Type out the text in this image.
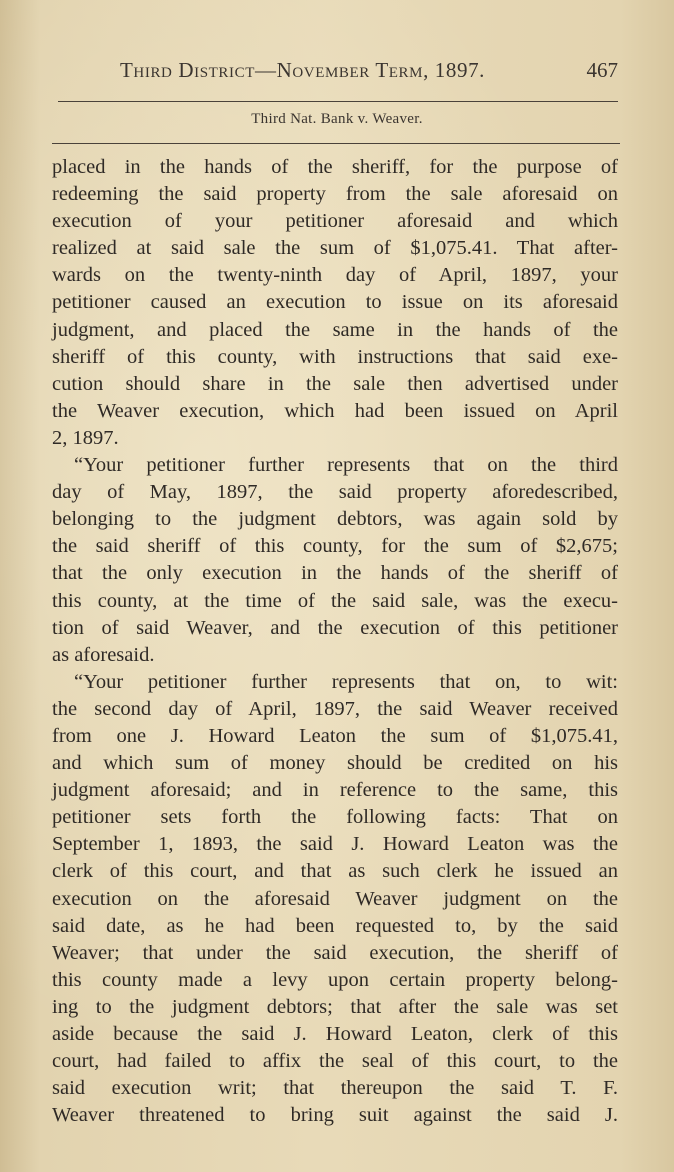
Third District—November Term, 1897.	467
Third Nat. Bank v. Weaver.
placed in the hands of the sheriff, for the purpose of
redeeming the said property from the sale aforesaid on
execution of your petitioner aforesaid and which
realized at said sale the sum of $1,075.41. That after-
wards on the twenty-ninth day of April, 1897, your
petitioner caused an execution to issue on its aforesaid
judgment, and placed the same in the hands of the
sheriff of this county, with instructions that said exe-
cution should share in the sale then advertised under
the Weaver execution, which had been issued on April
2, 1897.
“Your petitioner further represents that on the third
day of May, 1897, the said property aforedescribed,
belonging to the judgment debtors, was again sold by
the said sheriff of this county, for the sum of $2,675;
that the only execution in the hands of the sheriff of
this county, at the time of the said sale, was the execu-
tion of said Weaver, and the execution of this petitioner
as aforesaid.
“Your petitioner further represents that on, to wit:
the second day of April, 1897, the said Weaver received
from one J. Howard Leaton the sum of $1,075.41,
and which sum of money should be credited on his
judgment aforesaid; and in reference to the same, this
petitioner sets forth the following facts: That on
September 1, 1893, the said J. Howard Leaton was the
clerk of this court, and that as such clerk he issued an
execution on the aforesaid Weaver judgment on the
said date, as he had been requested to, by the said
Weaver; that under the said execution, the sheriff of
this county made a levy upon certain property belong-
ing to the judgment debtors; that after the sale was set
aside because the said J. Howard Leaton, clerk of this
court, had failed to affix the seal of this court, to the
said execution writ; that thereupon the said T. F.
Weaver threatened to bring suit against the said J.
